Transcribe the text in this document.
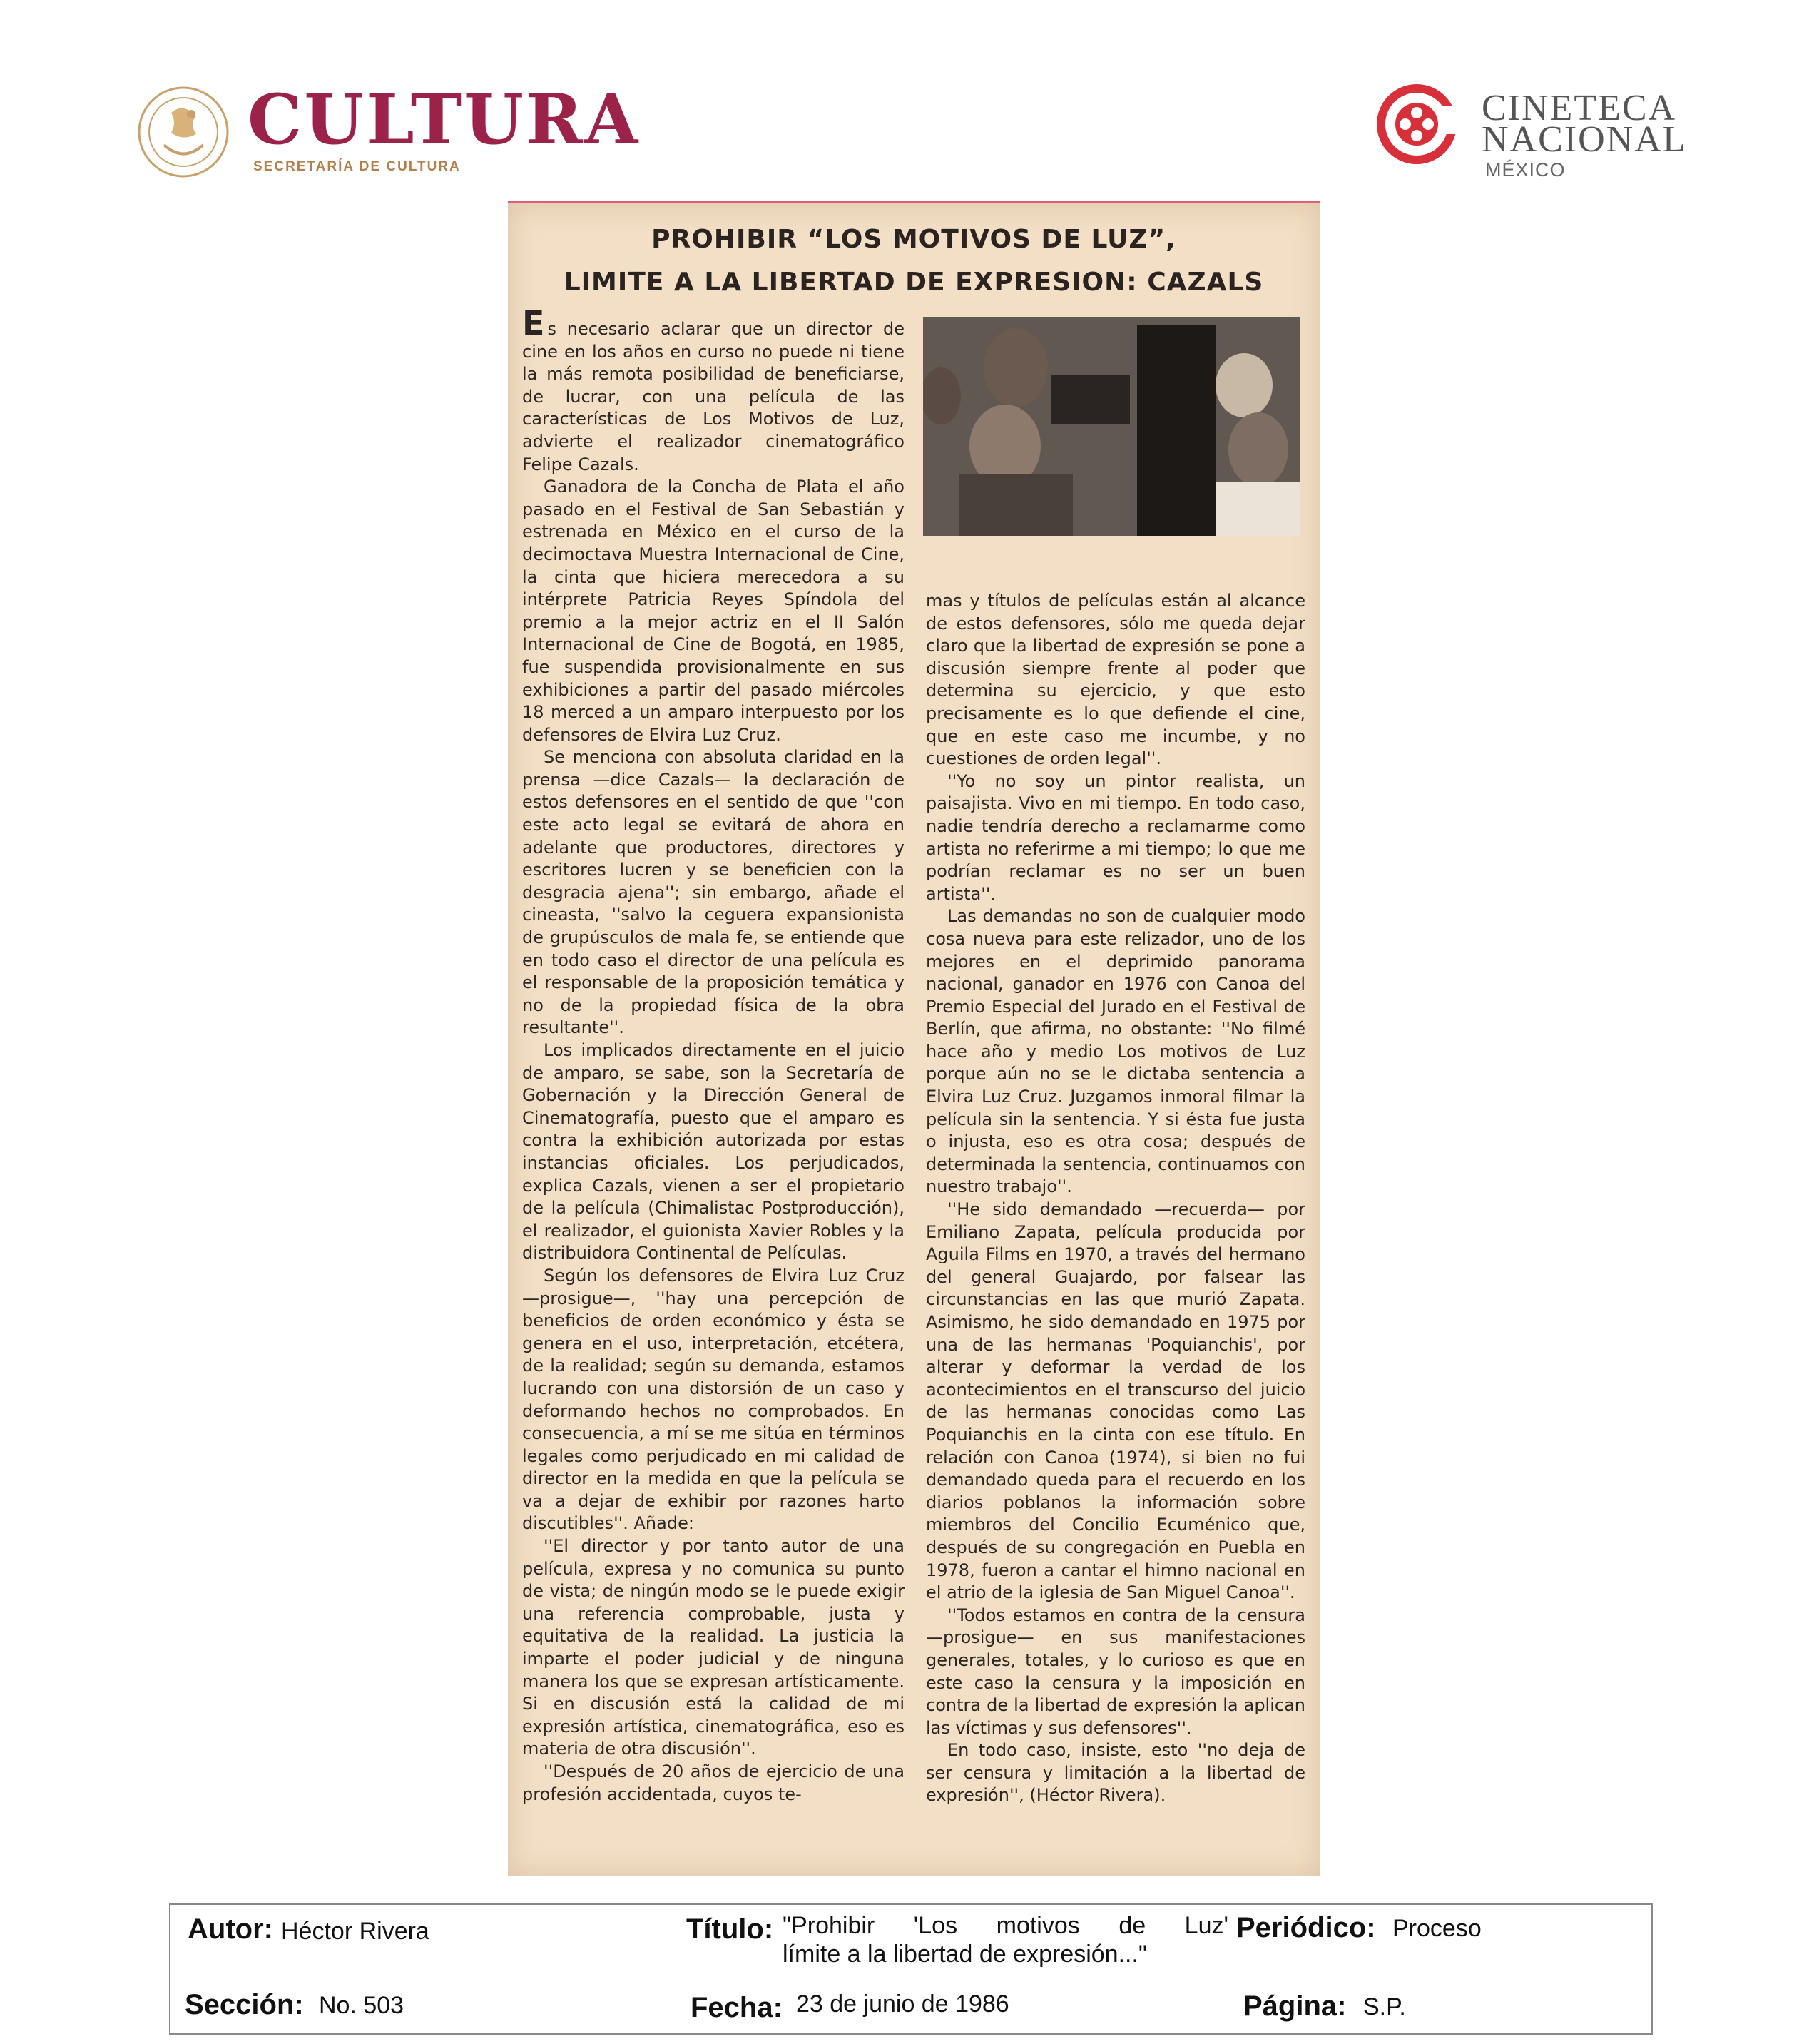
CULTURA
SECRETARÍA DE CULTURA
CINETECA
NACIONAL
MÉXICO
PROHIBIR “LOS MOTIVOS DE LUZ”,
LIMITE A LA LIBERTAD DE EXPRESION: CAZALS

Es necesario aclarar que un director de cine en los años en curso no puede ni tiene la más remota posibilidad de beneficiarse, de lucrar, con una película de las características de Los Motivos de Luz, advierte el realizador cinematográfico Felipe Cazals.

Ganadora de la Concha de Plata el año pasado en el Festival de San Sebastián y estrenada en México en el curso de la decimoctava Muestra Internacional de Cine, la cinta que hiciera merecedora a su intérprete Patricia Reyes Spíndola del premio a la mejor actriz en el II Salón Internacional de Cine de Bogotá, en 1985, fue suspendida provisionalmente en sus exhibiciones a partir del pasado miércoles 18 merced a un amparo interpuesto por los defensores de Elvira Luz Cruz.

Se menciona con absoluta claridad en la prensa —dice Cazals— la declaración de estos defensores en el sentido de que ''con este acto legal se evitará de ahora en adelante que productores, directores y escritores lucren y se beneficien con la desgracia ajena''; sin embargo, añade el cineasta, ''salvo la ceguera expansionista de grupúsculos de mala fe, se entiende que en todo caso el director de una película es el responsable de la proposición temática y no de la propiedad física de la obra resultante''.

Los implicados directamente en el juicio de amparo, se sabe, son la Secretaría de Gobernación y la Dirección General de Cinematografía, puesto que el amparo es contra la exhibición autorizada por estas instancias oficiales. Los perjudicados, explica Cazals, vienen a ser el propietario de la película (Chimalistac Postproducción), el realizador, el guionista Xavier Robles y la distribuidora Continental de Películas.

Según los defensores de Elvira Luz Cruz —prosigue—, ''hay una percepción de beneficios de orden económico y ésta se genera en el uso, interpretación, etcétera, de la realidad; según su demanda, estamos lucrando con una distorsión de un caso y deformando hechos no comprobados. En consecuencia, a mí se me sitúa en términos legales como perjudicado en mi calidad de director en la medida en que la película se va a dejar de exhibir por razones harto discutibles''. Añade:

''El director y por tanto autor de una película, expresa y no comunica su punto de vista; de ningún modo se le puede exigir una referencia comprobable, justa y equitativa de la realidad. La justicia la imparte el poder judicial y de ninguna manera los que se expresan artísticamente. Si en discusión está la calidad de mi expresión artística, cinematográfica, eso es materia de otra discusión''.

''Después de 20 años de ejercicio de una profesión accidentada, cuyos te-

mas y títulos de películas están al alcance de estos defensores, sólo me queda dejar claro que la libertad de expresión se pone a discusión siempre frente al poder que determina su ejercicio, y que esto precisamente es lo que defiende el cine, que en este caso me incumbe, y no cuestiones de orden legal''.

''Yo no soy un pintor realista, un paisajista. Vivo en mi tiempo. En todo caso, nadie tendría derecho a reclamarme como artista no referirme a mi tiempo; lo que me podrían reclamar es no ser un buen artista''.

Las demandas no son de cualquier modo cosa nueva para este relizador, uno de los mejores en el deprimido panorama nacional, ganador en 1976 con Canoa del Premio Especial del Jurado en el Festival de Berlín, que afirma, no obstante: ''No filmé hace año y medio Los motivos de Luz porque aún no se le dictaba sentencia a Elvira Luz Cruz. Juzgamos inmoral filmar la película sin la sentencia. Y si ésta fue justa o injusta, eso es otra cosa; después de determinada la sentencia, continuamos con nuestro trabajo''.

''He sido demandado —recuerda— por Emiliano Zapata, película producida por Aguila Films en 1970, a través del hermano del general Guajardo, por falsear las circunstancias en las que murió Zapata. Asimismo, he sido demandado en 1975 por una de las hermanas 'Poquianchis', por alterar y deformar la verdad de los acontecimientos en el transcurso del juicio de las hermanas conocidas como Las Poquianchis en la cinta con ese título. En relación con Canoa (1974), si bien no fui demandado queda para el recuerdo en los diarios poblanos la información sobre miembros del Concilio Ecuménico que, después de su congregación en Puebla en 1978, fueron a cantar el himno nacional en el atrio de la iglesia de San Miguel Canoa''.

''Todos estamos en contra de la censura —prosigue— en sus manifestaciones generales, totales, y lo curioso es que en este caso la censura y la imposición en contra de la libertad de expresión la aplican las víctimas y sus defensores''.

En todo caso, insiste, esto ''no deja de ser censura y limitación a la libertad de expresión'', (Héctor Rivera).

Autor: Héctor Rivera	Título: "Prohibir 'Los motivos de Luz'
límite a la libertad de expresión..."
Periódico: Proceso
Sección: No. 503	Fecha: 23 de junio de 1986	Página: S.P.
